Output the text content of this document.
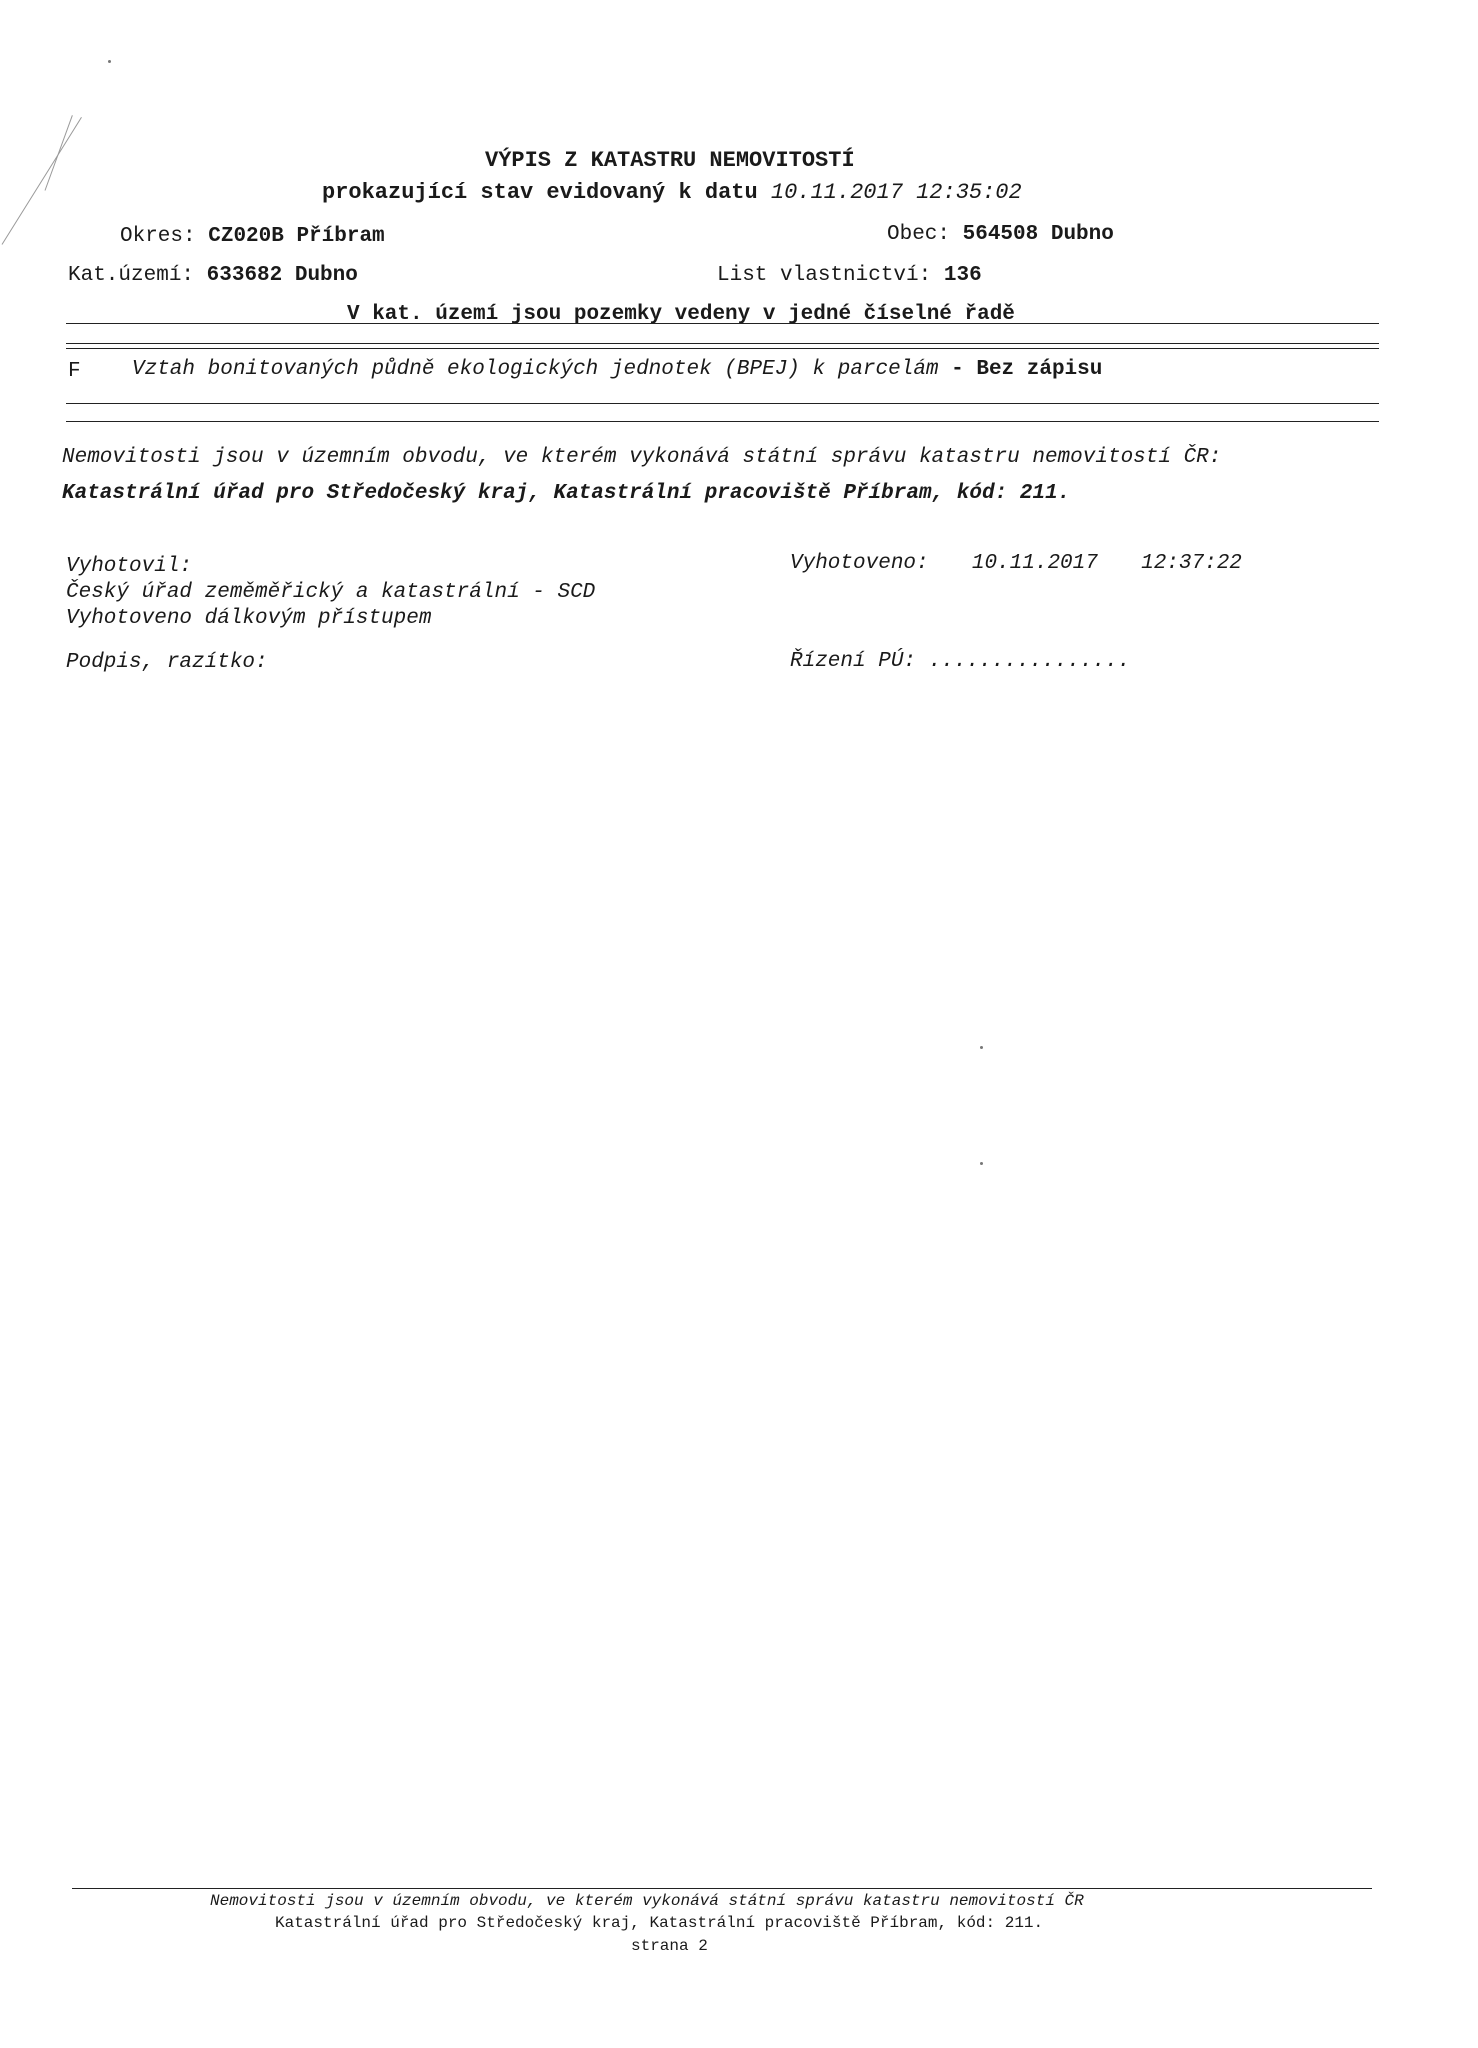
VÝPIS Z KATASTRU NEMOVITOSTÍ
prokazující stav evidovaný k datu 10.11.2017 12:35:02
Okres: CZ020B Příbram	Obec: 564508 Dubno
Kat.území: 633682 Dubno	List vlastnictví: 136
V kat. území jsou pozemky vedeny v jedné číselné řadě
F Vztah bonitovaných půdně ekologických jednotek (BPEJ) k parcelám - Bez zápisu
Nemovitosti jsou v územním obvodu, ve kterém vykonává státní správu katastru nemovitostí ČR:
Katastrální úřad pro Středočeský kraj, Katastrální pracoviště Příbram, kód: 211.
Vyhotovil:
Český úřad zeměměřický a katastrální - SCD
Vyhotoveno dálkovým přístupem
Vyhotoveno: 10.11.2017 12:37:22
Podpis, razítko:	Řízení PÚ: ................
Nemovitosti jsou v územním obvodu, ve kterém vykonává státní správu katastru nemovitostí ČR
Katastrální úřad pro Středočeský kraj, Katastrální pracoviště Příbram, kód: 211.
strana 2
